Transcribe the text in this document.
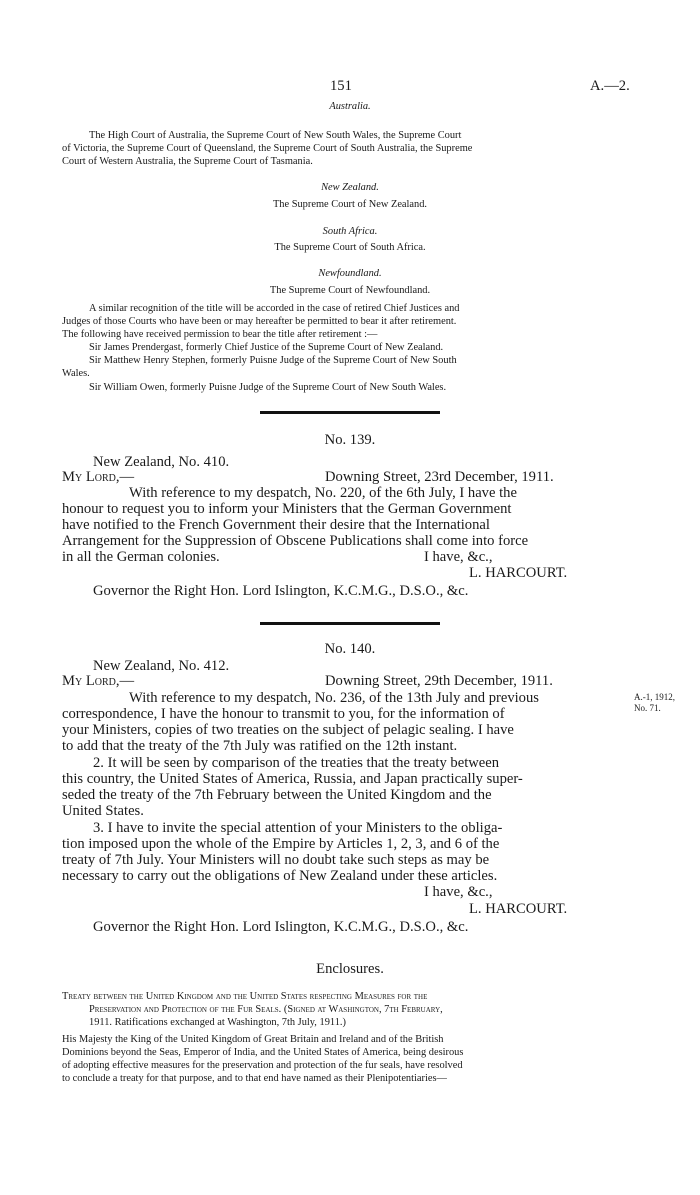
151	A.—2.
Australia.
The High Court of Australia, the Supreme Court of New South Wales, the Supreme Court
of Victoria, the Supreme Court of Queensland, the Supreme Court of South Australia, the Supreme
Court of Western Australia, the Supreme Court of Tasmania.
New Zealand.
The Supreme Court of New Zealand.
South Africa.
The Supreme Court of South Africa.
Newfoundland.
The Supreme Court of Newfoundland.
A similar recognition of the title will be accorded in the case of retired Chief Justices and
Judges of those Courts who have been or may hereafter be permitted to bear it after retirement.
The following have received permission to bear the title after retirement :—
Sir James Prendergast, formerly Chief Justice of the Supreme Court of New Zealand.
Sir Matthew Henry Stephen, formerly Puisne Judge of the Supreme Court of New South
Wales.
Sir William Owen, formerly Puisne Judge of the Supreme Court of New South Wales.
No. 139.
New Zealand, No. 410.
My Lord,—	Downing Street, 23rd December, 1911.
With reference to my despatch, No. 220, of the 6th July, I have the
honour to request you to inform your Ministers that the German Government
have notified to the French Government their desire that the International
Arrangement for the Suppression of Obscene Publications shall come into force
in all the German colonies.	I have, &c.,
L. HARCOURT.
Governor the Right Hon. Lord Islington, K.C.M.G., D.S.O., &c.
No. 140.
New Zealand, No. 412.
My Lord,—	Downing Street, 29th December, 1911.
With reference to my despatch, No. 236, of the 13th July and previous
correspondence, I have the honour to transmit to you, for the information of
your Ministers, copies of two treaties on the subject of pelagic sealing. I have
to add that the treaty of the 7th July was ratified on the 12th instant.
2. It will be seen by comparison of the treaties that the treaty between
this country, the United States of America, Russia, and Japan practically super-
seded the treaty of the 7th February between the United Kingdom and the
United States.
3. I have to invite the special attention of your Ministers to the obliga-
tion imposed upon the whole of the Empire by Articles 1, 2, 3, and 6 of the
treaty of 7th July. Your Ministers will no doubt take such steps as may be
necessary to carry out the obligations of New Zealand under these articles.
I have, &c.,
L. HARCOURT.
Governor the Right Hon. Lord Islington, K.C.M.G., D.S.O., &c.
A.-1, 1912,
No. 71.
Enclosures.
Treaty between the United Kingdom and the United States respecting Measures for the
Preservation and Protection of the Fur Seals. (Signed at Washington, 7th February,
1911. Ratifications exchanged at Washington, 7th July, 1911.)
His Majesty the King of the United Kingdom of Great Britain and Ireland and of the British
Dominions beyond the Seas, Emperor of India, and the United States of America, being desirous
of adopting effective measures for the preservation and protection of the fur seals, have resolved
to conclude a treaty for that purpose, and to that end have named as their Plenipotentiaries—
